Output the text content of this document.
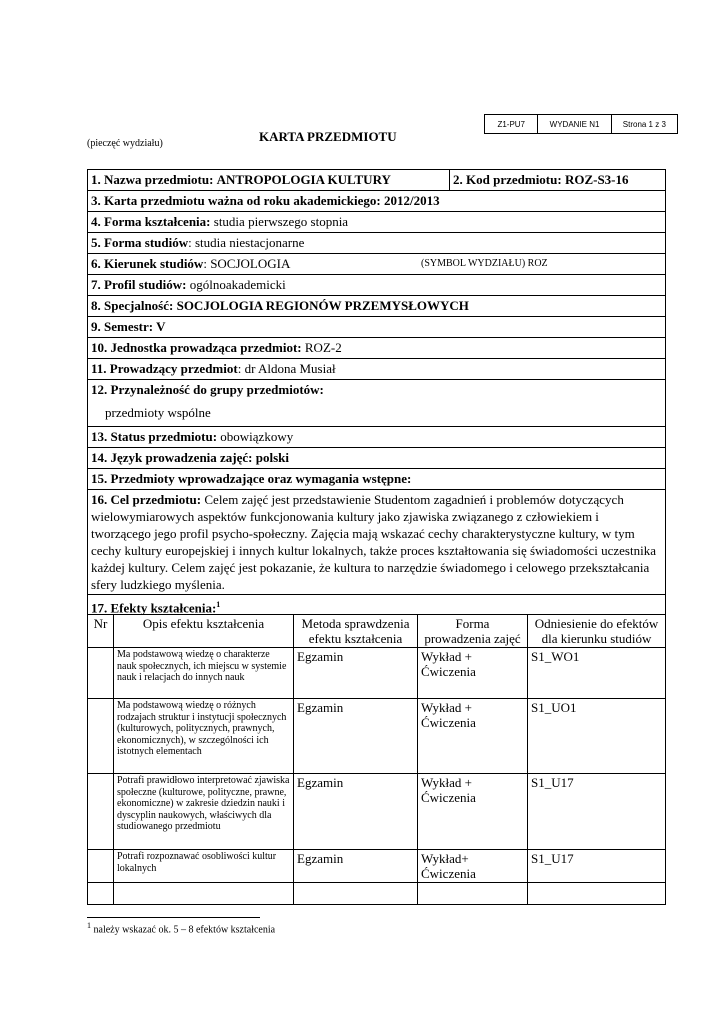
Z1-PU7	WYDANIE N1	Strona 1 z 3
(pieczęć wydziału)	KARTA PRZEDMIOTU
1. Nazwa przedmiotu: ANTROPOLOGIA KULTURY	2. Kod przedmiotu: ROZ-S3-16
3. Karta przedmiotu ważna od roku akademickiego: 2012/2013
4. Forma kształcenia: studia pierwszego stopnia
5. Forma studiów: studia niestacjonarne
6. Kierunek studiów: SOCJOLOGIA	(SYMBOL WYDZIAŁU) ROZ

7. Profil studiów: ogólnoakademicki
8. Specjalność: SOCJOLOGIA REGIONÓW PRZEMYSŁOWYCH
9. Semestr: V
10. Jednostka prowadząca przedmiot: ROZ-2
11. Prowadzący przedmiot: dr Aldona Musiał

12. Przynależność do grupy przedmiotów:
przedmioty wspólne

13. Status przedmiotu: obowiązkowy
14. Język prowadzenia zajęć: polski
15. Przedmioty wprowadzające oraz wymagania wstępne:
16. Cel przedmiotu: Celem zajęć jest przedstawienie Studentom zagadnień i problemów dotyczących wielowymiarowych aspektów funkcjonowania kultury jako zjawiska związanego z człowiekiem i tworzącego jego profil psycho-społeczny. Zajęcia mają wskazać cechy charakterystyczne kultury, w tym cechy kultury europejskiej i innych kultur lokalnych, także proces kształtowania się świadomości uczestnika każdej kultury. Celem zajęć jest pokazanie, że kultura to narzędzie świadomego i celowego przekształcania sfery ludzkiego myślenia.
17. Efekty kształcenia:$^1$
Nr	Opis efektu kształcenia	Metoda sprawdzenia efektu kształcenia	Forma prowadzenia zajęć	Odniesienie do efektów dla kierunku studiów
	Ma podstawową wiedzę o charakterze nauk społecznych, ich miejscu w systemie nauk i relacjach do innych nauk	Egzamin	Wykład + Ćwiczenia	S1_WO1
	Ma podstawową wiedzę o różnych rodzajach struktur i instytucji społecznych (kulturowych, politycznych, prawnych, ekonomicznych), w szczególności ich istotnych elementach	Egzamin	Wykład + Ćwiczenia	S1_UO1
	Potrafi prawidłowo interpretować zjawiska społeczne (kulturowe, polityczne, prawne, ekonomiczne) w zakresie dziedzin nauki i dyscyplin naukowych, właściwych dla studiowanego przedmiotu	Egzamin	Wykład + Ćwiczenia	S1_U17
	Potrafi rozpoznawać osobliwości kultur lokalnych	Egzamin	Wykład+ Ćwiczenia	S1_U17

$^1$ należy wskazać ok. 5 – 8 efektów kształcenia
